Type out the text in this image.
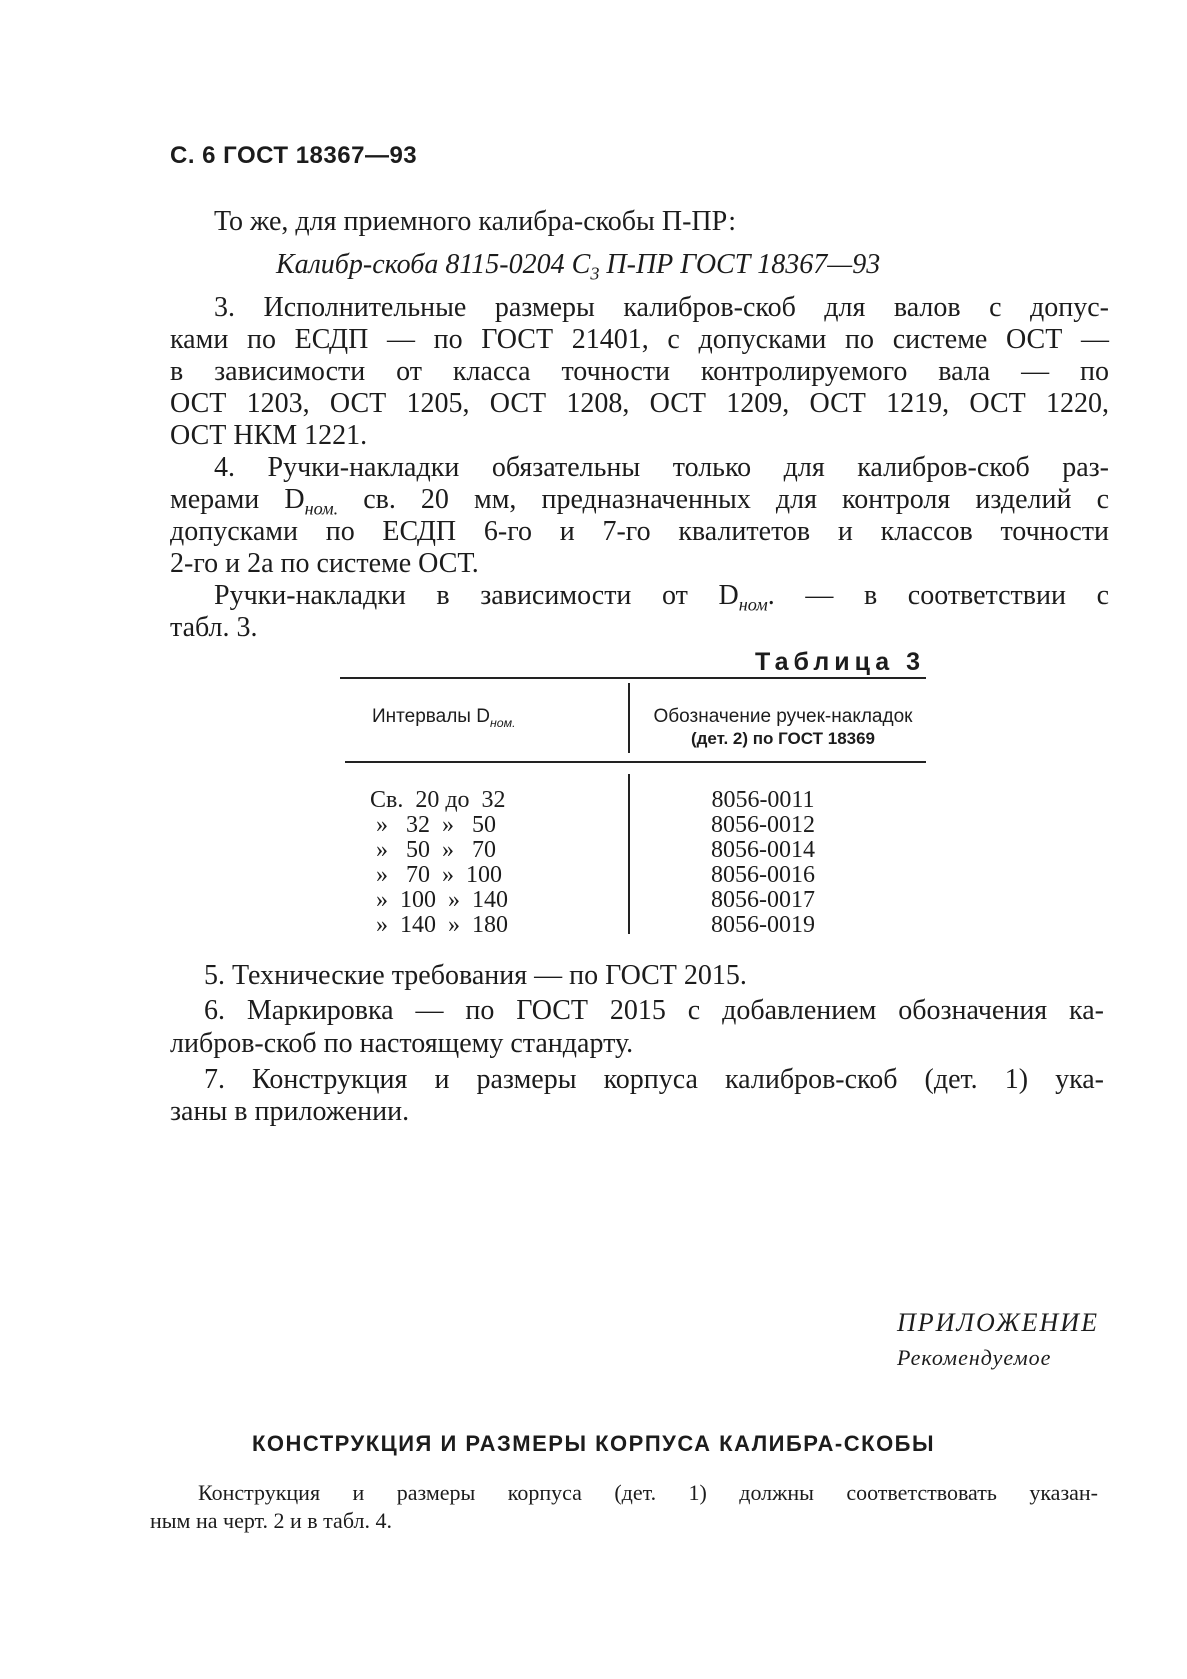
С. 6 ГОСТ 18367—93
То же, для приемного калибра-скобы П-ПР:
Калибр-скоба 8115-0204 $С_3$ П-ПР ГОСТ 18367—93
3. Исполнительные размеры калибров-скоб для валов с допус-
ками по ЕСДП — по ГОСТ 21401, с допусками по системе ОСТ —
в зависимости от класса точности контролируемого вала — по
ОСТ 1203, ОСТ 1205, ОСТ 1208, ОСТ 1209, ОСТ 1219, ОСТ 1220,
ОСТ НКМ 1221.
4. Ручки-накладки обязательны только для калибров-скоб раз-
мерами $D_{ном.}$ св. 20 мм, предназначенных для контроля изделий с
допусками по ЕСДП 6-го и 7-го квалитетов и классов точности
2-го и 2а по системе ОСТ.
Ручки-накладки в зависимости от $D_{ном}$. — в соответствии с
табл. 3.
Таблица 3
Интервалы $D_{ном.}$	Обозначение ручек-накладок
(дет. 2) по ГОСТ 18369
Св.  20 до  32
»   32  »   50
»   50  »   70
»   70  »  100
»  100  »  140
»  140  »  180
8056-0011
8056-0012
8056-0014
8056-0016
8056-0017
8056-0019
5. Технические требования — по ГОСТ 2015.
6. Маркировка — по ГОСТ 2015 с добавлением обозначения ка-
либров-скоб по настоящему стандарту.
7. Конструкция и размеры корпуса калибров-скоб (дет. 1) ука-
заны в приложении.
ПРИЛОЖЕНИЕ
Рекомендуемое
КОНСТРУКЦИЯ И РАЗМЕРЫ КОРПУСА КАЛИБРА-СКОБЫ
Конструкция и размеры корпуса (дет. 1) должны соответствовать указан-
ным на черт. 2 и в табл. 4.
